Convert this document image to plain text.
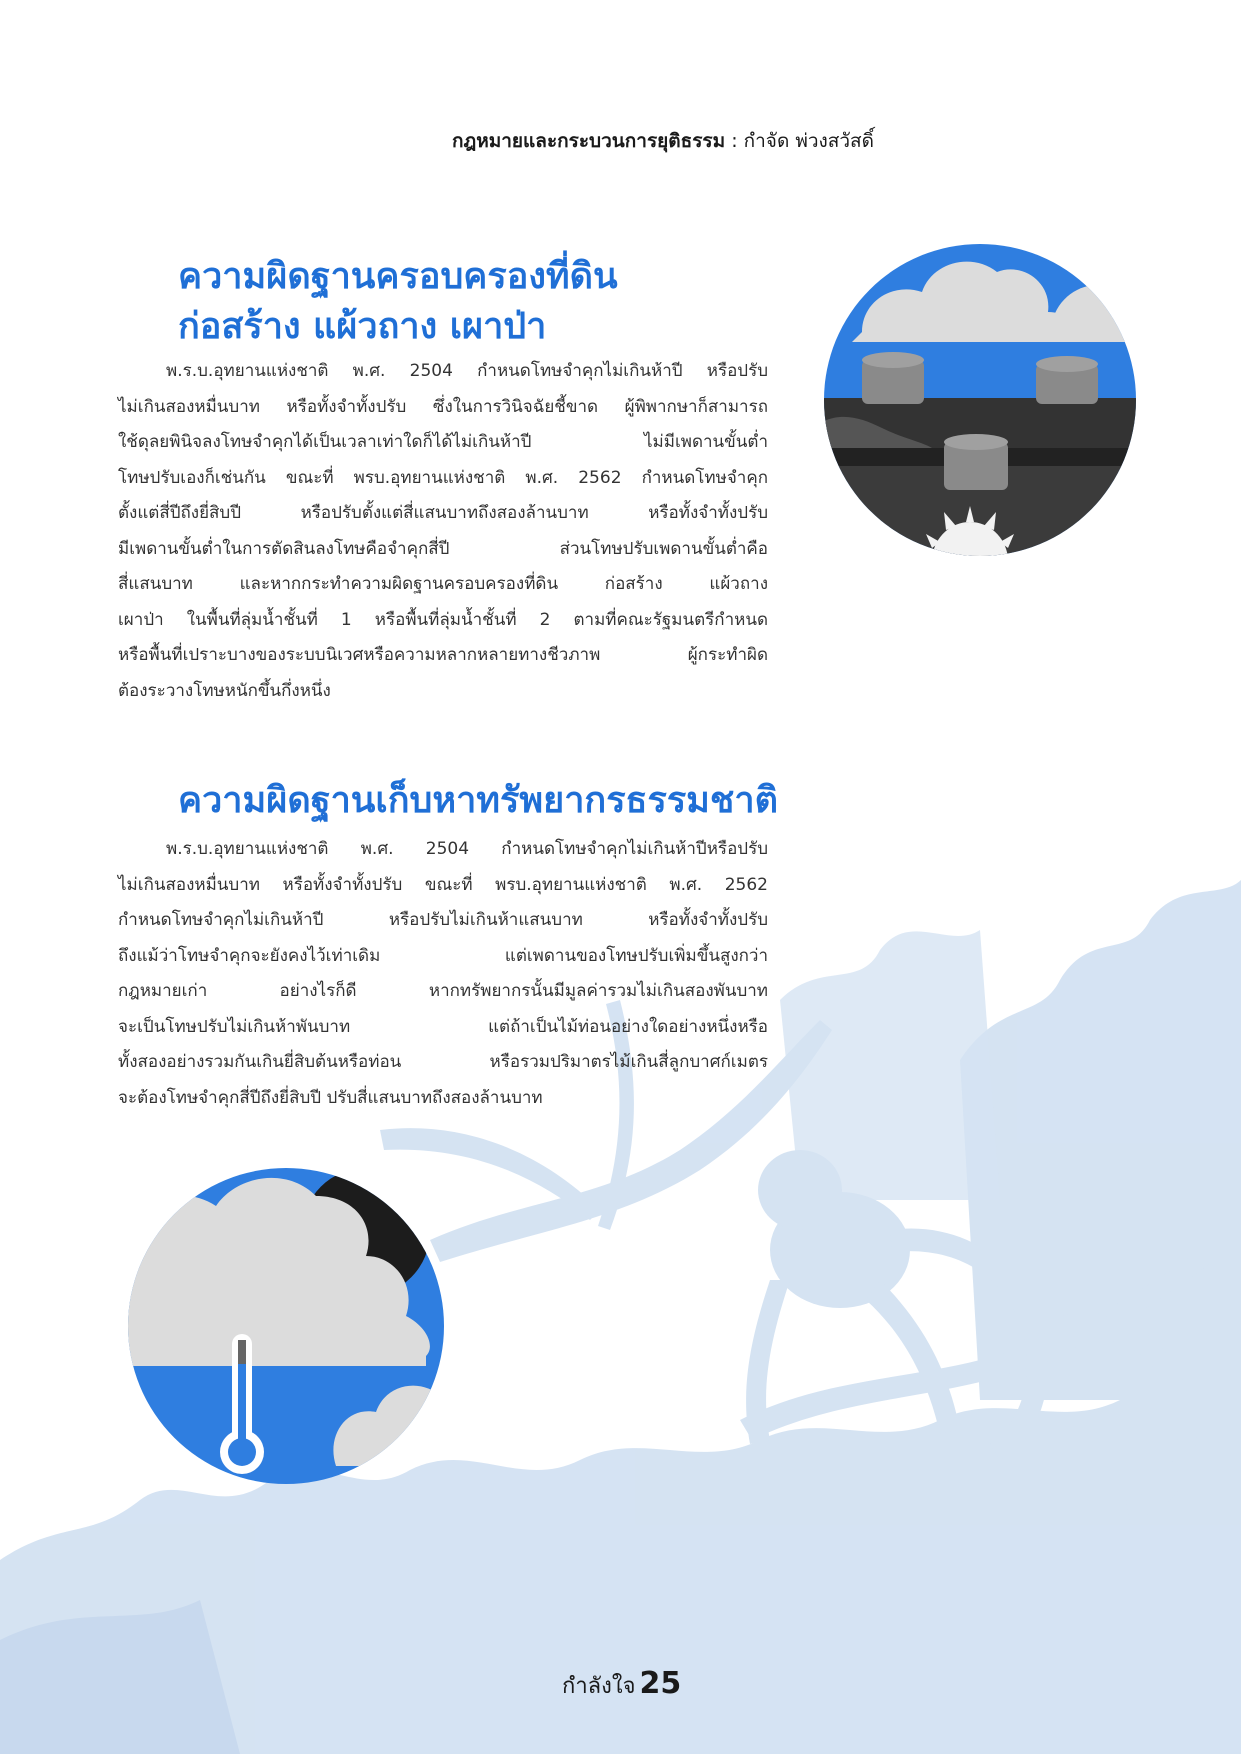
กฎหมายและกระบวนการยุติธรรม : กำจัด พ่วงสวัสดิ์
ความผิดฐานครอบครองที่ดิน
ก่อสร้าง แผ้วถาง เผาป่า

พ.ร.บ.อุทยานแห่งชาติ พ.ศ. 2504 กำหนดโทษจำคุกไม่เกินห้าปี หรือปรับ
ไม่เกินสองหมื่นบาท หรือทั้งจำทั้งปรับ ซึ่งในการวินิจฉัยชี้ขาด ผู้พิพากษาก็สามารถ
ใช้ดุลยพินิจลงโทษจำคุกได้เป็นเวลาเท่าใดก็ได้ไม่เกินห้าปี ไม่มีเพดานขั้นต่ำ
โทษปรับเองก็เช่นกัน ขณะที่ พรบ.อุทยานแห่งชาติ พ.ศ. 2562 กำหนดโทษจำคุก
ตั้งแต่สี่ปีถึงยี่สิบปี หรือปรับตั้งแต่สี่แสนบาทถึงสองล้านบาท หรือทั้งจำทั้งปรับ
มีเพดานขั้นต่ำในการตัดสินลงโทษคือจำคุกสี่ปี ส่วนโทษปรับเพดานขั้นต่ำคือ
สี่แสนบาท และหากกระทำความผิดฐานครอบครองที่ดิน ก่อสร้าง แผ้วถาง
เผาป่า ในพื้นที่ลุ่มน้ำชั้นที่ 1 หรือพื้นที่ลุ่มน้ำชั้นที่ 2 ตามที่คณะรัฐมนตรีกำหนด
หรือพื้นที่เปราะบางของระบบนิเวศหรือความหลากหลายทางชีวภาพ ผู้กระทำผิด
ต้องระวางโทษหนักขึ้นกึ่งหนึ่ง

ความผิดฐานเก็บหาทรัพยากรธรรมชาติ

พ.ร.บ.อุทยานแห่งชาติ พ.ศ. 2504 กำหนดโทษจำคุกไม่เกินห้าปีหรือปรับ
ไม่เกินสองหมื่นบาท หรือทั้งจำทั้งปรับ ขณะที่ พรบ.อุทยานแห่งชาติ พ.ศ. 2562
กำหนดโทษจำคุกไม่เกินห้าปี หรือปรับไม่เกินห้าแสนบาท หรือทั้งจำทั้งปรับ
ถึงแม้ว่าโทษจำคุกจะยังคงไว้เท่าเดิม แต่เพดานของโทษปรับเพิ่มขึ้นสูงกว่า
กฎหมายเก่า อย่างไรก็ดี หากทรัพยากรนั้นมีมูลค่ารวมไม่เกินสองพันบาท
จะเป็นโทษปรับไม่เกินห้าพันบาท แต่ถ้าเป็นไม้ท่อนอย่างใดอย่างหนึ่งหรือ
ทั้งสองอย่างรวมกันเกินยี่สิบต้นหรือท่อน หรือรวมปริมาตรไม้เกินสี่ลูกบาศก์เมตร
จะต้องโทษจำคุกสี่ปีถึงยี่สิบปี ปรับสี่แสนบาทถึงสองล้านบาท

กำลังใจ 25
